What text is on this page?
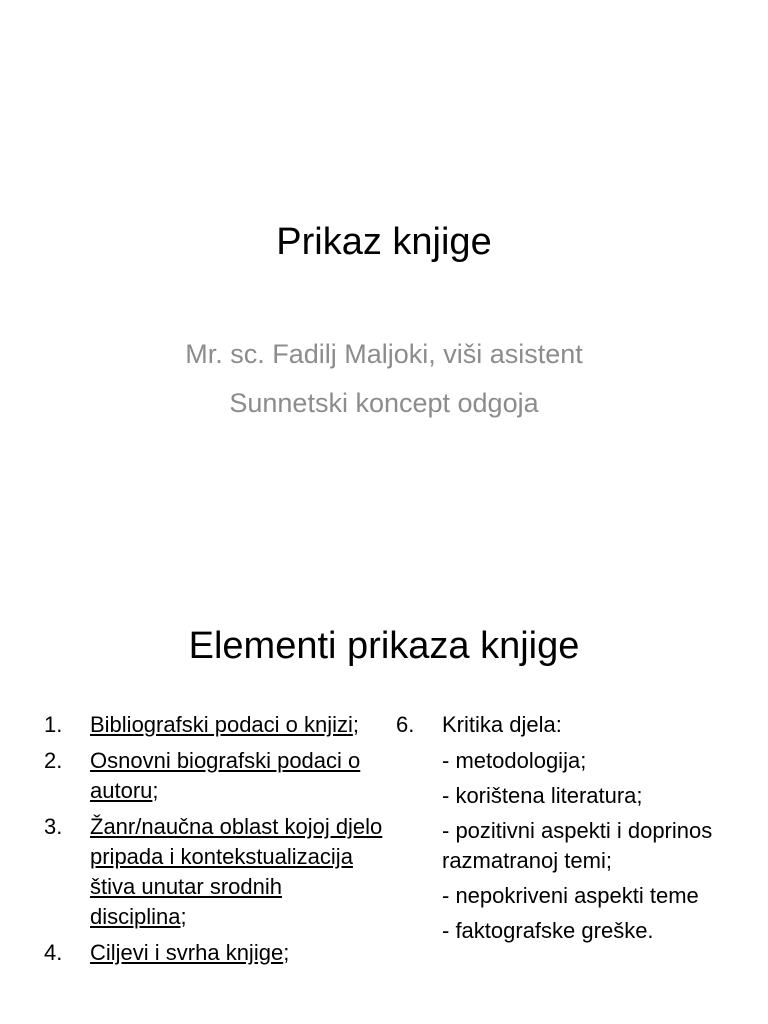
Prikaz knjige
Mr. sc. Fadilj Maljoki, viši asistent
Sunnetski koncept odgoja
Elementi prikaza knjige
1.	Bibliografski podaci o knjizi;
2.	Osnovni biografski podaci o autoru;
3.	Žanr/naučna oblast kojoj djelo pripada i kontekstualizacija štiva unutar srodnih disciplina;
4.	Ciljevi i svrha knjige;
6.	Kritika djela:
- metodologija;
- korištena literatura;
- pozitivni aspekti i doprinos razmatranoj temi;
- nepokriveni aspekti teme
- faktografske greške.
